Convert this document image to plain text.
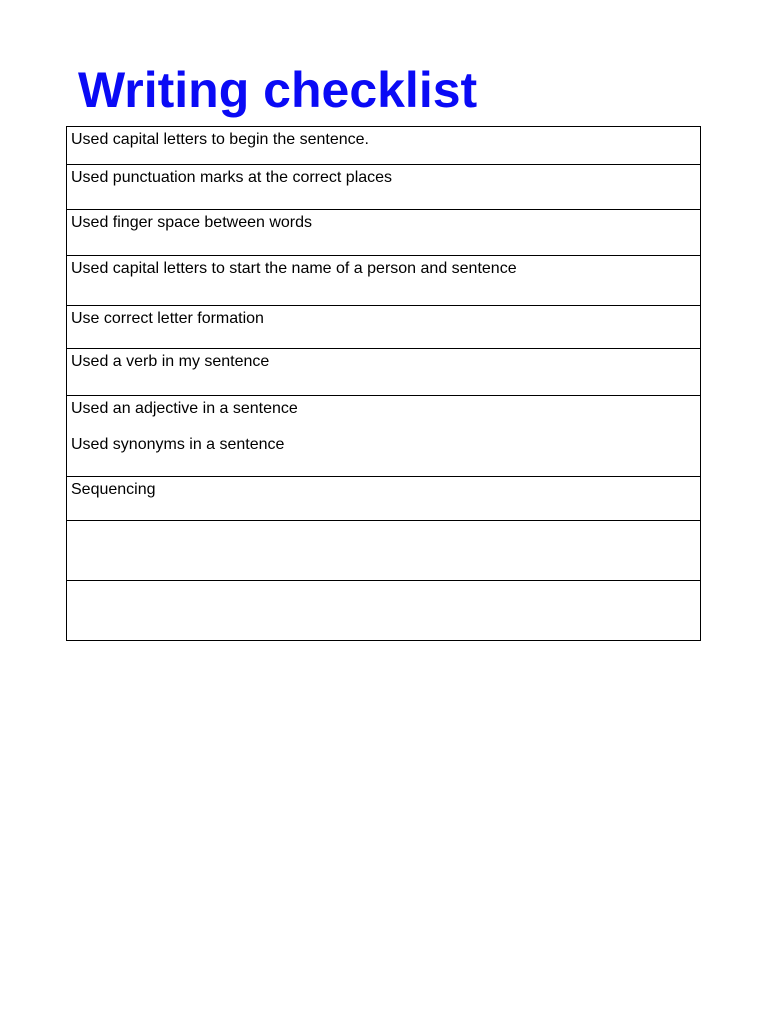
Writing checklist
Used capital letters to begin the sentence.

Used punctuation marks at the correct places

Used finger space between words

Used capital letters to start the name of a person and sentence

Use correct letter formation

Used a verb in my sentence

Used an adjective in a sentence
Used synonyms in a sentence

Sequencing
